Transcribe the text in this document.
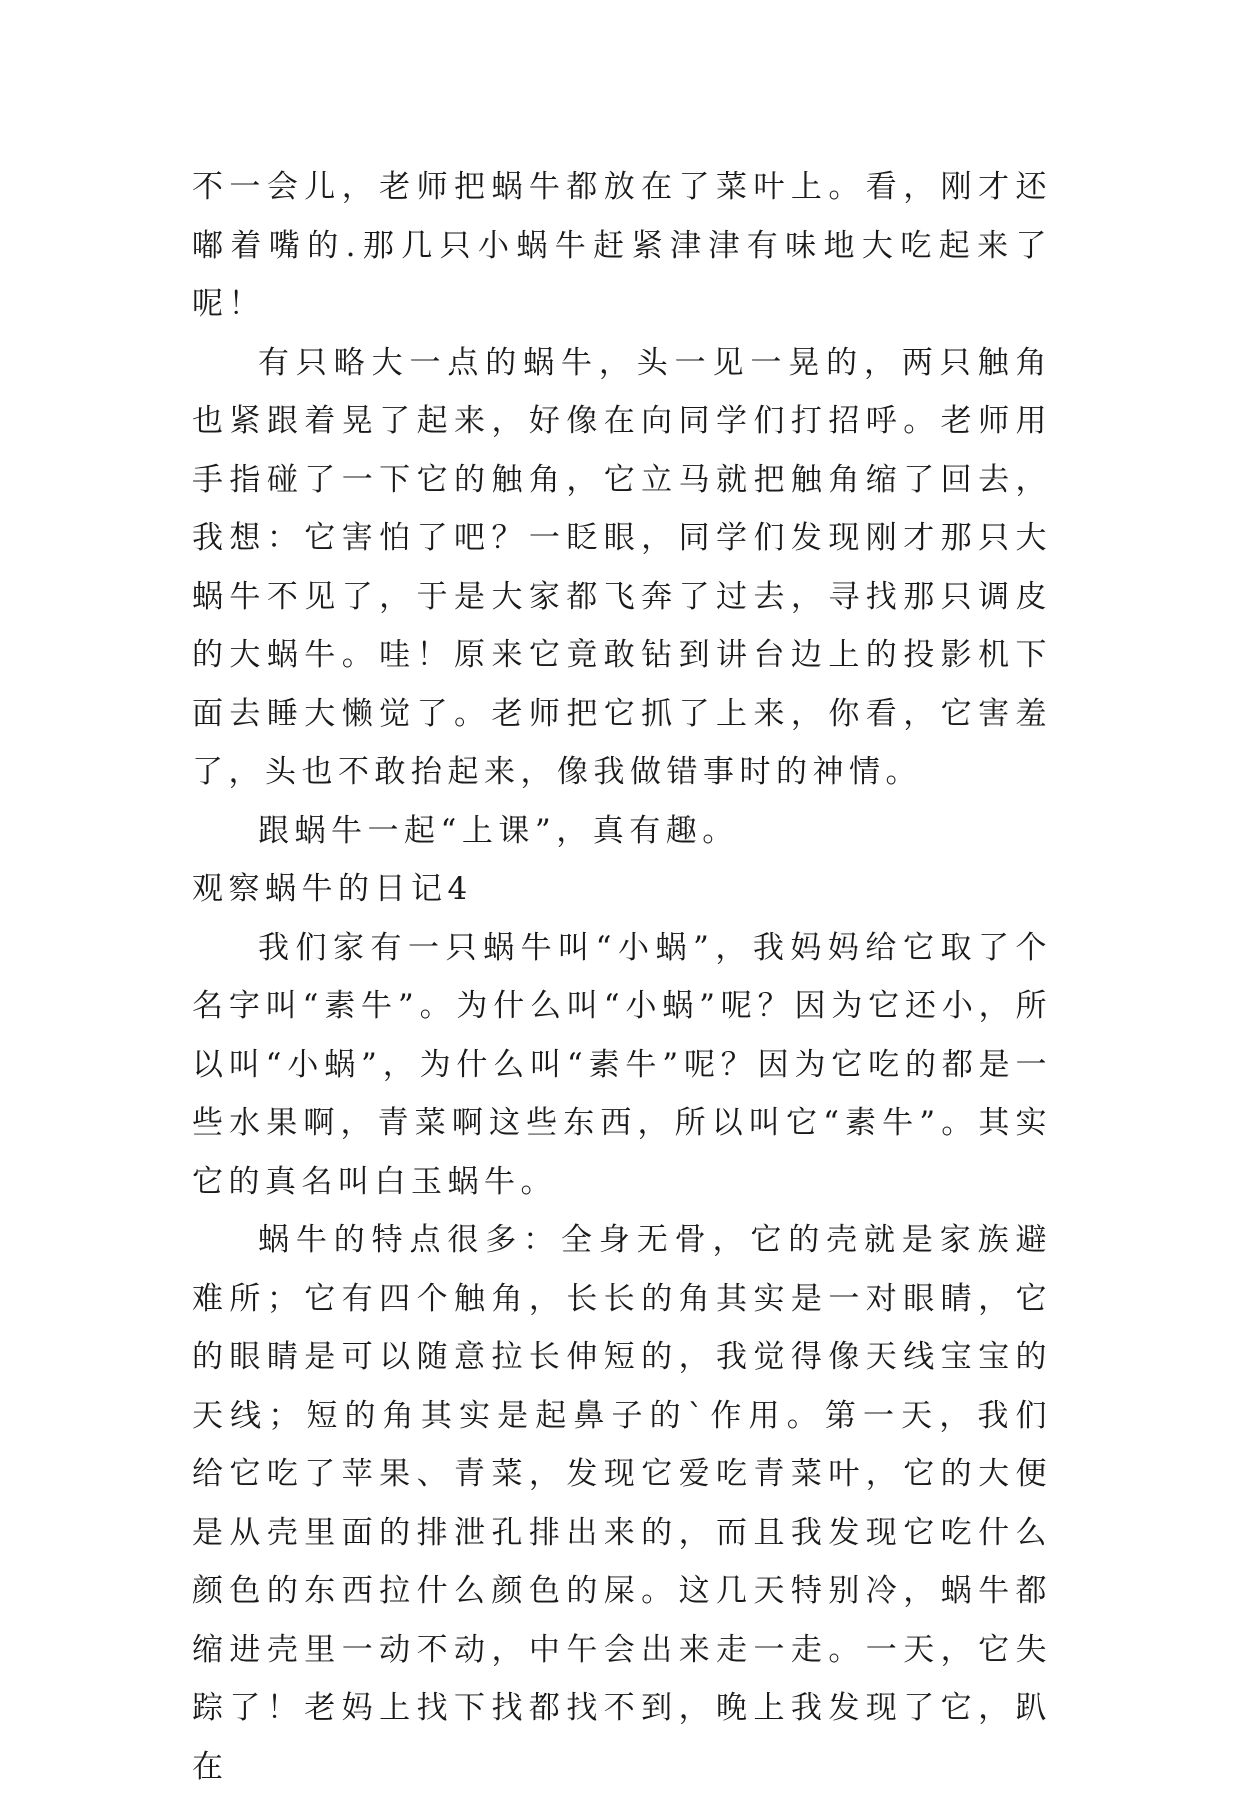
不一会儿，老师把蜗牛都放在了菜叶上。看，刚才还嘟着嘴的.那几只小蜗牛赶紧津津有味地大吃起来了呢！

有只略大一点的蜗牛，头一见一晃的，两只触角也紧跟着晃了起来，好像在向同学们打招呼。老师用手指碰了一下它的触角，它立马就把触角缩了回去，我想：它害怕了吧？一眨眼，同学们发现刚才那只大蜗牛不见了，于是大家都飞奔了过去，寻找那只调皮的大蜗牛。哇！原来它竟敢钻到讲台边上的投影机下面去睡大懒觉了。老师把它抓了上来，你看，它害羞了，头也不敢抬起来，像我做错事时的神情。

跟蜗牛一起“上课”，真有趣。

观察蜗牛的日记4

我们家有一只蜗牛叫“小蜗”，我妈妈给它取了个名字叫“素牛”。为什么叫“小蜗”呢？因为它还小，所以叫“小蜗”，为什么叫“素牛”呢？因为它吃的都是一些水果啊，青菜啊这些东西，所以叫它“素牛”。其实它的真名叫白玉蜗牛。

蜗牛的特点很多：全身无骨，它的壳就是家族避难所；它有四个触角，长长的角其实是一对眼睛，它的眼睛是可以随意拉长伸短的，我觉得像天线宝宝的天线；短的角其实是起鼻子的`作用。第一天，我们给它吃了苹果、青菜，发现它爱吃青菜叶，它的大便是从壳里面的排泄孔排出来的，而且我发现它吃什么颜色的东西拉什么颜色的屎。这几天特别冷，蜗牛都缩进壳里一动不动，中午会出来走一走。一天，它失踪了！老妈上找下找都找不到，晚上我发现了它，趴在
